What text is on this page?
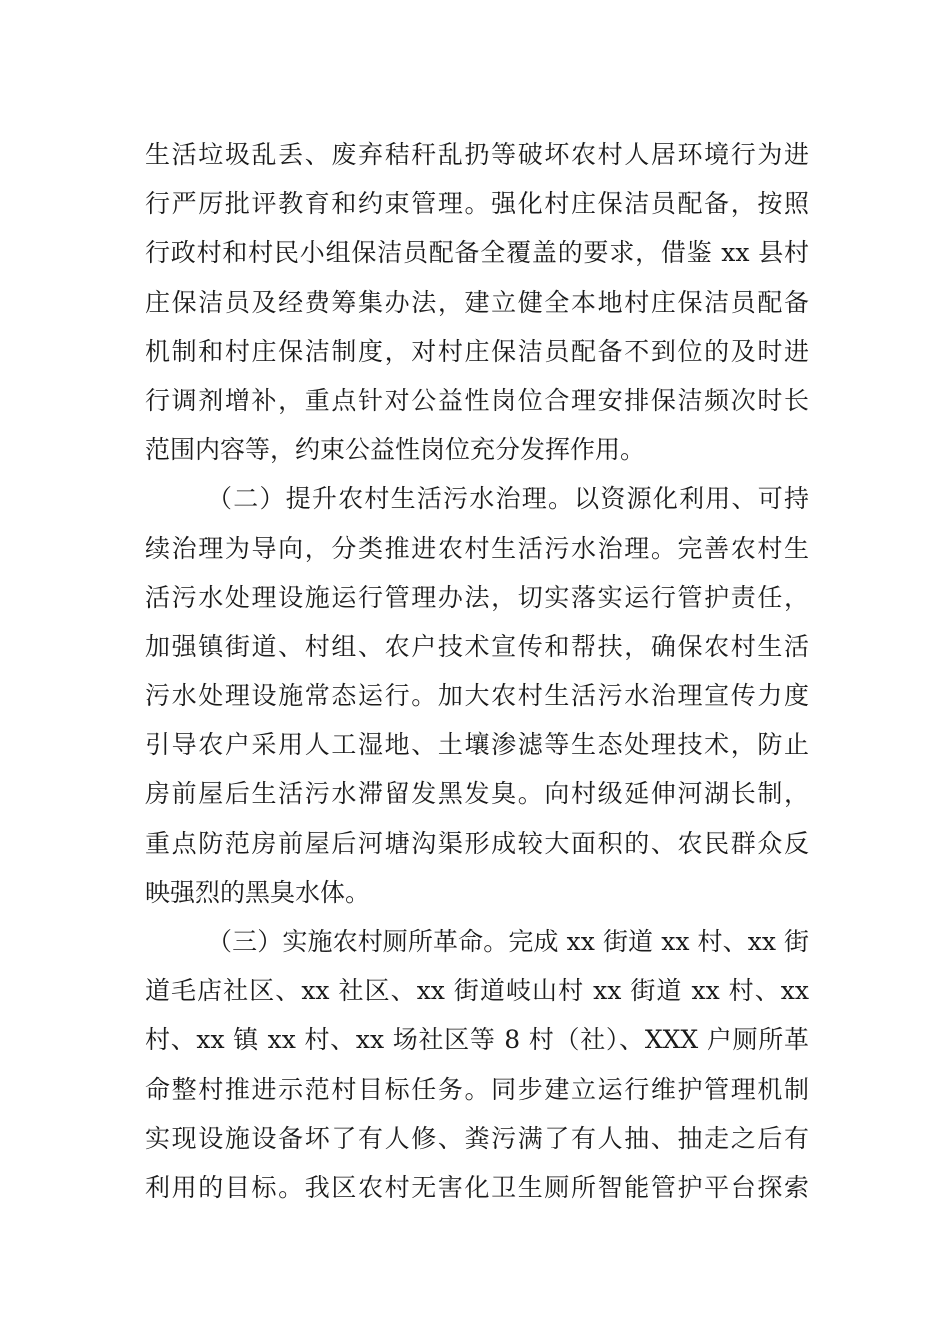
生活垃圾乱丢、废弃秸秆乱扔等破坏农村人居环境行为进
行严厉批评教育和约束管理。强化村庄保洁员配备，按照
行政村和村民小组保洁员配备全覆盖的要求，借鉴 xx 县村
庄保洁员及经费筹集办法，建立健全本地村庄保洁员配备
机制和村庄保洁制度，对村庄保洁员配备不到位的及时进
行调剂增补，重点针对公益性岗位合理安排保洁频次时长
范围内容等，约束公益性岗位充分发挥作用。
（二）提升农村生活污水治理。以资源化利用、可持
续治理为导向，分类推进农村生活污水治理。完善农村生
活污水处理设施运行管理办法，切实落实运行管护责任，
加强镇街道、村组、农户技术宣传和帮扶，确保农村生活
污水处理设施常态运行。加大农村生活污水治理宣传力度
引导农户采用人工湿地、土壤渗滤等生态处理技术，防止
房前屋后生活污水滞留发黑发臭。向村级延伸河湖长制，
重点防范房前屋后河塘沟渠形成较大面积的、农民群众反
映强烈的黑臭水体。
（三）实施农村厕所革命。完成 xx 街道 xx 村、xx 街
道毛店社区、xx 社区、xx 街道岐山村 xx 街道 xx 村、xx
村、xx 镇 xx 村、xx 场社区等 8 村（社）、XXX 户厕所革
命整村推进示范村目标任务。同步建立运行维护管理机制
实现设施设备坏了有人修、粪污满了有人抽、抽走之后有
利用的目标。我区农村无害化卫生厕所智能管护平台探索
